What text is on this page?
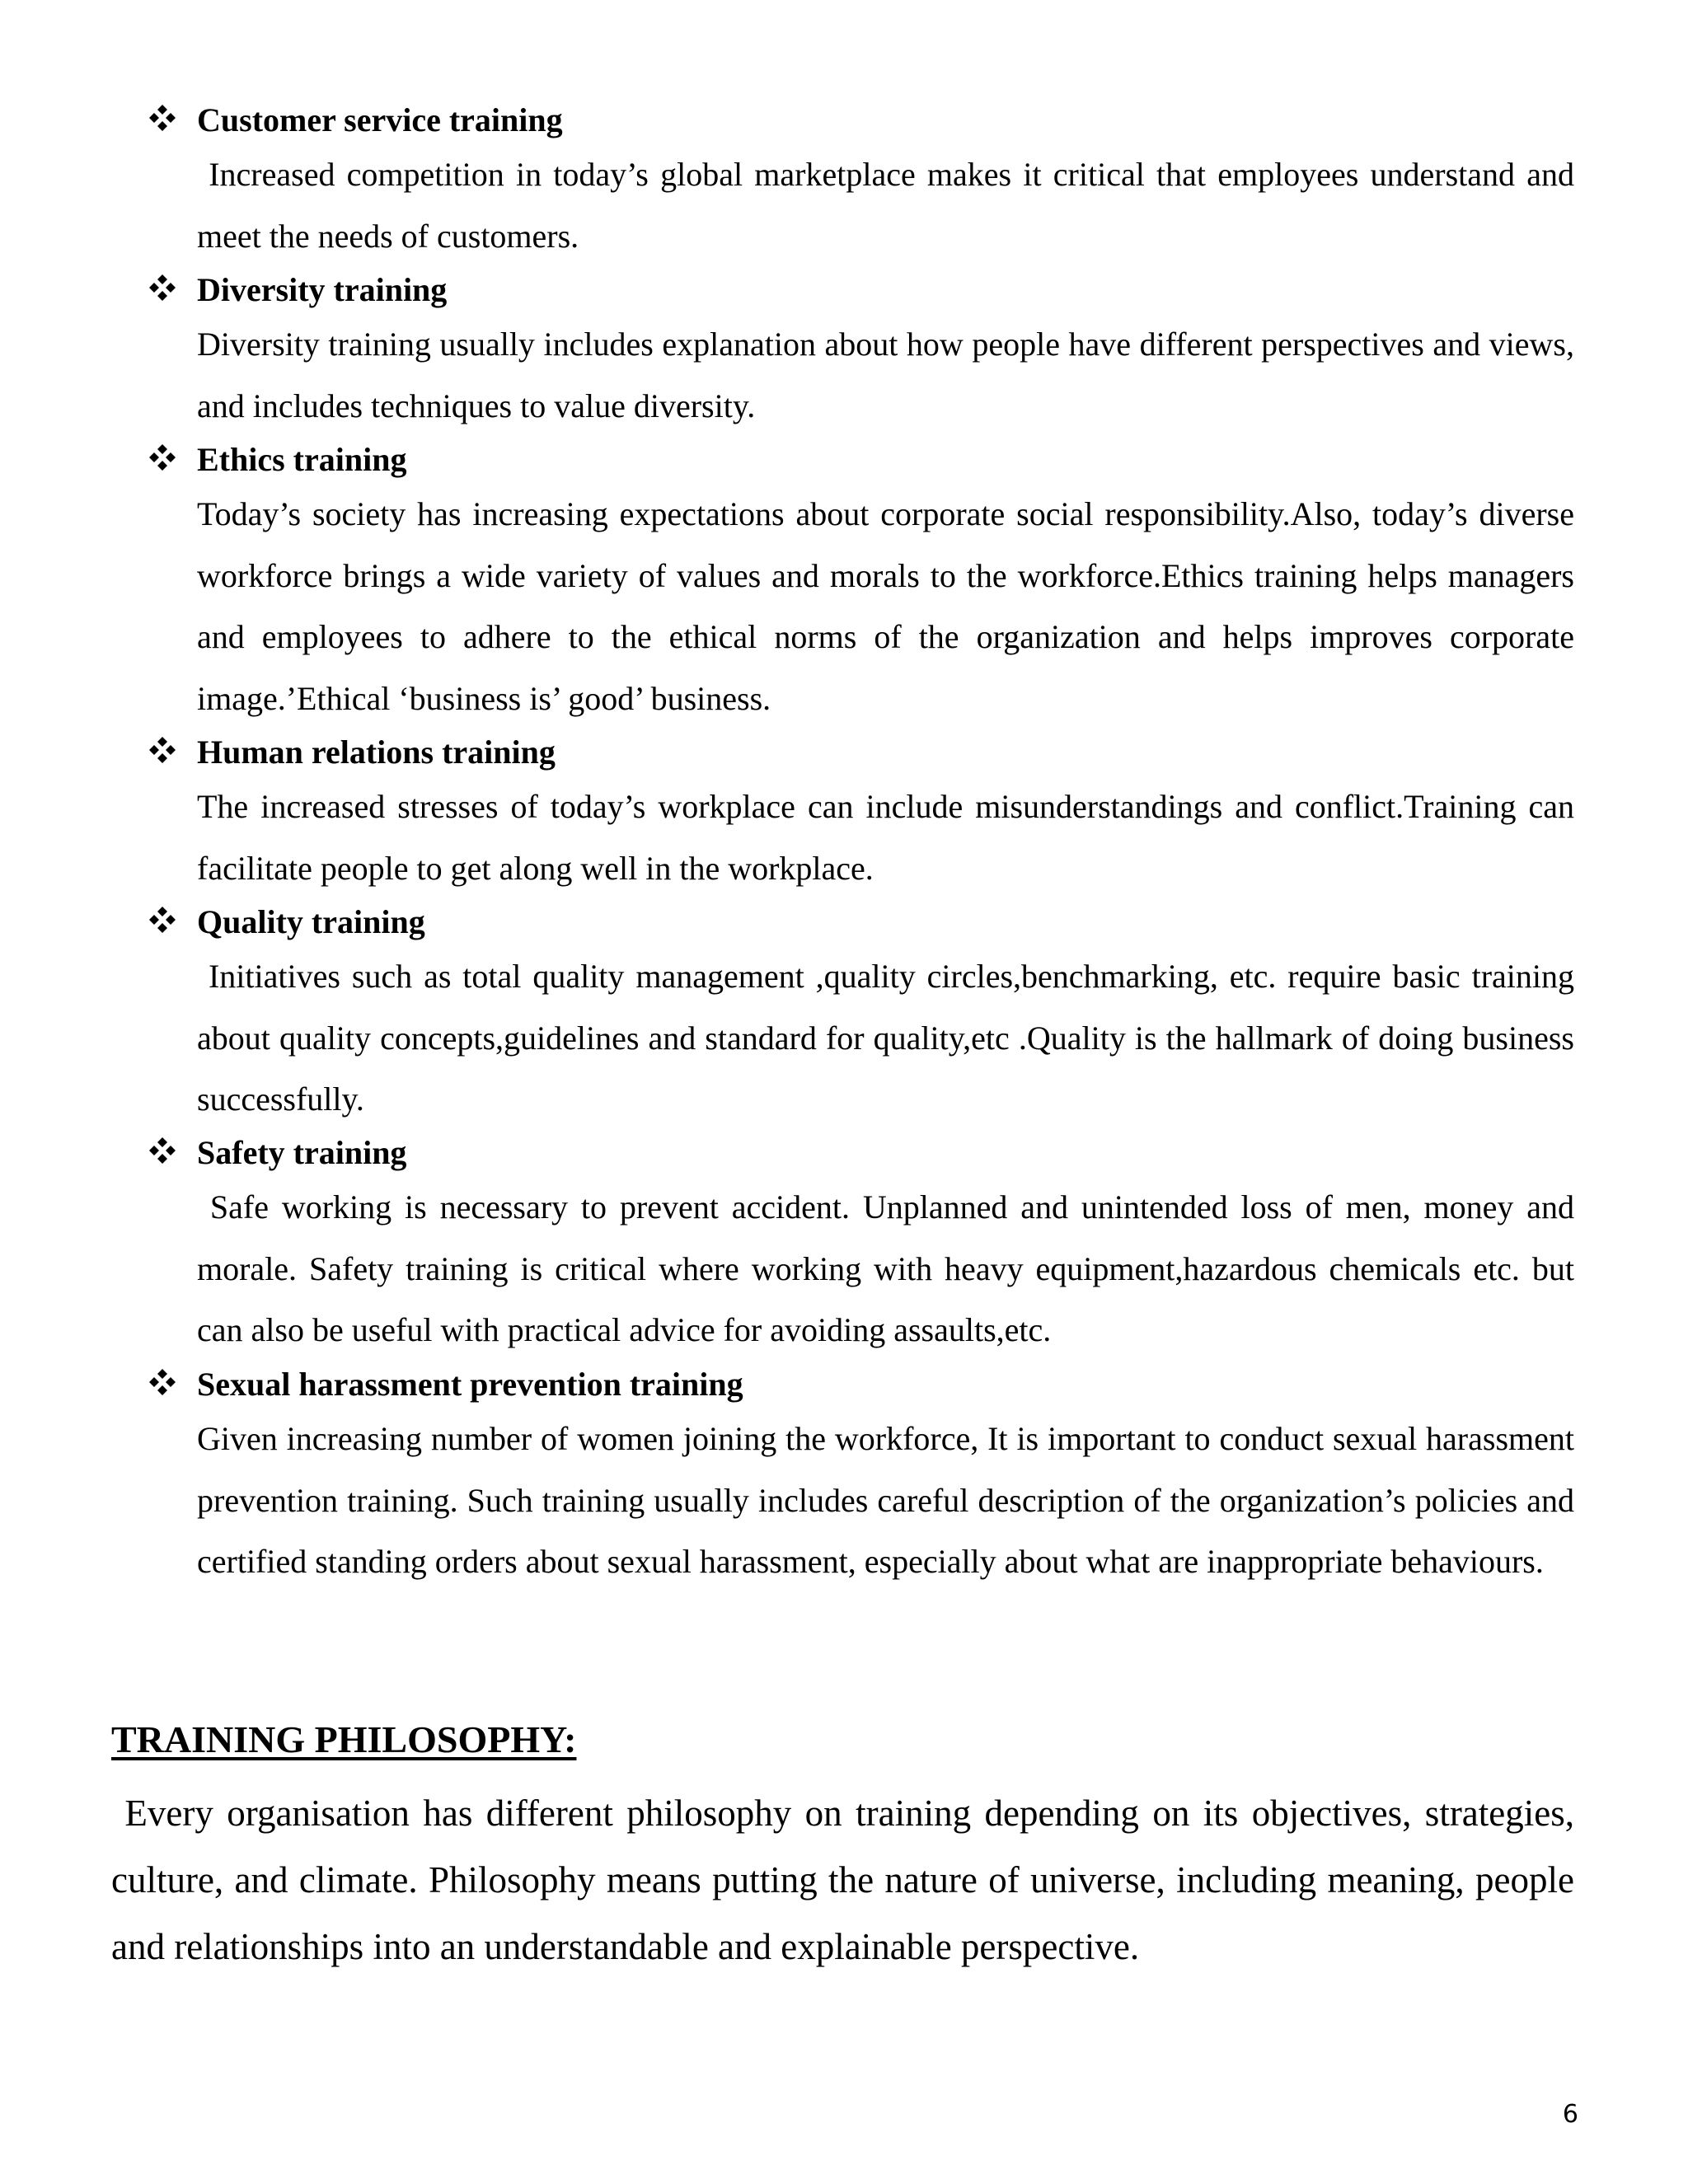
Customer service training
Increased competition in today’s global marketplace makes it critical that employees understand and meet the needs of customers.
Diversity training
Diversity training usually includes explanation about how people have different perspectives and views, and includes techniques to value diversity.
Ethics training
Today’s society has increasing expectations about corporate social responsibility.Also, today’s diverse workforce brings a wide variety of values and morals to the workforce.Ethics training helps managers and employees to adhere to the ethical norms of the organization and helps improves corporate image.’Ethical ‘business is’ good’ business.
Human relations training
The increased stresses of today’s workplace can include misunderstandings and conflict.Training can facilitate people to get along well in the workplace.
Quality training
Initiatives such as total quality management ,quality circles,benchmarking, etc. require basic training about quality concepts,guidelines and standard for quality,etc .Quality is the hallmark of doing business successfully.
Safety training
Safe working is necessary to prevent accident. Unplanned and unintended loss of men, money and morale. Safety training is critical where working with heavy equipment,hazardous chemicals etc. but can also be useful with practical advice for avoiding assaults,etc.
Sexual harassment prevention training
Given increasing number of women joining the workforce, It is important to conduct sexual harassment prevention training. Such training usually includes careful description of the organization’s policies and certified standing orders about sexual harassment, especially about what are inappropriate behaviours.
TRAINING PHILOSOPHY:
Every organisation has different philosophy on training depending on its objectives, strategies, culture, and climate. Philosophy means putting the nature of universe, including meaning, people and relationships into an understandable and explainable perspective.
6
